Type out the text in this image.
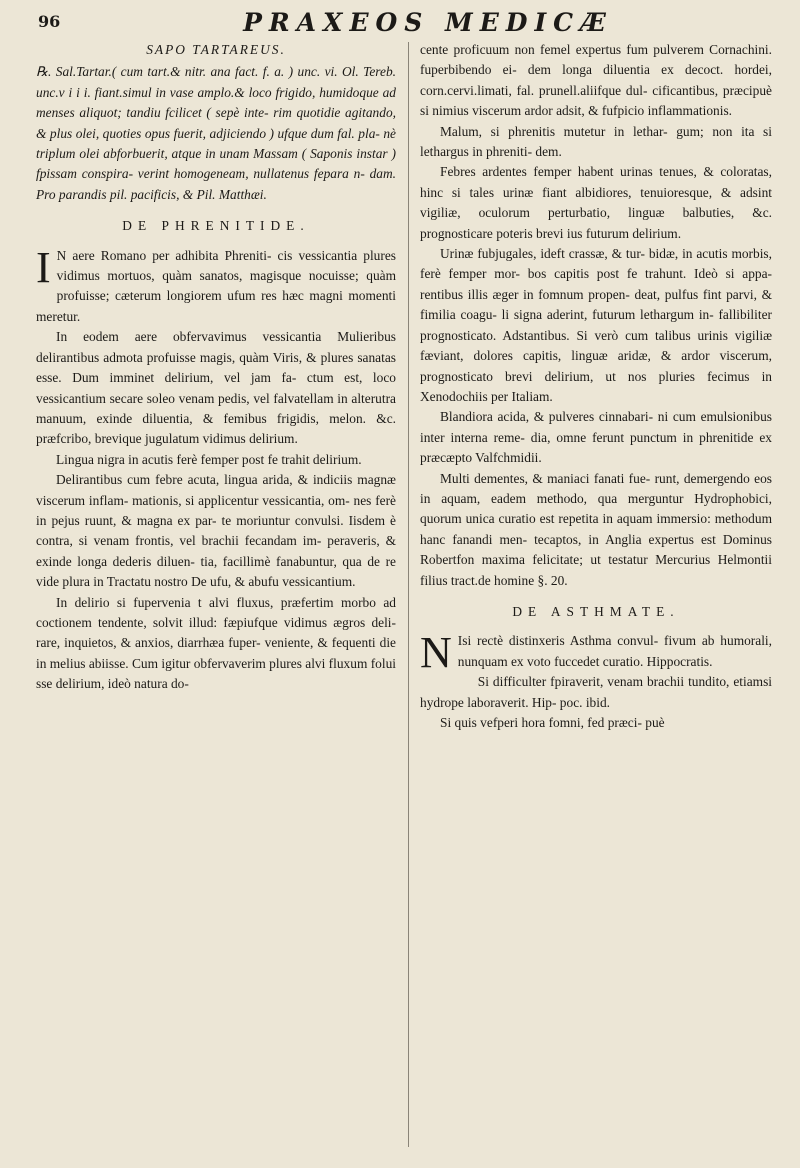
96	PRAXEOS MEDICÆ

SAPO TARTAREUS.

℞. Sal.Tartar.( cum tart.& nitr. ana fact. f. a. ) unc. vi. Ol. Tereb. unc.v i i i. fiant.simul in vase amplo.& loco frigido, humidoque ad menses aliquot; tandiu fcilicet ( sepè inte- rim quotidie agitando, & plus olei, quoties opus fuerit, adjiciendo ) ufque dum fal. pla- nè triplum olei abforbuerit, atque in unam Massam ( Saponis instar ) fpissam conspira- verint homogeneam, nullatenus fepara n- dam. Pro parandis pil. pacificis, & Pil. Matthæi.

DE PHRENITIDE.

I N aere Romano per adhibita Phreniti- cis vessicantia plures vidimus mortuos, quàm sanatos, magisque nocuisse; quàm profuisse; cæterum longiorem ufum res hæc magni momenti meretur.

In eodem aere obfervavimus vessicantia Mulieribus delirantibus admota profuisse magis, quàm Viris, & plures sanatas esse. Dum imminet delirium, vel jam fa- ctum est, loco vessicantium secare soleo venam pedis, vel falvatellam in alterutra manuum, exinde diluentia, & femibus frigidis, melon. &c. præfcribo, brevique jugulatum vidimus delirium.

Lingua nigra in acutis ferè femper post fe trahit delirium.

Delirantibus cum febre acuta, lingua arida, & indiciis magnæ viscerum inflam- mationis, si applicentur vessicantia, om- nes ferè in pejus ruunt, & magna ex par- te moriuntur convulsi. Iisdem è contra, si venam frontis, vel brachii fecandam im- peraveris, & exinde longa dederis diluen- tia, facillimè fanabuntur, qua de re vide plura in Tractatu nostro De ufu, & abufu vessicantium.

In delirio si fupervenia t alvi fluxus, præfertim morbo ad coctionem tendente, solvit illud: fæpiufque vidimus ægros deli- rare, inquietos, & anxios, diarrhæa fuper- veniente, & fequenti die in melius abiisse. Cum igitur obfervaverim plures alvi fluxum folui sse delirium, ideò natura do-

cente proficuum non femel expertus fum pulverem Cornachini. fuperbibendo ei- dem longa diluentia ex decoct. hordei, corn.cervi.limati, fal. prunell.aliifque dul- cificantibus, præcipuè si nimius viscerum ardor adsit, & fufpicio inflammationis.

Malum, si phrenitis mutetur in lethar- gum; non ita si lethargus in phreniti- dem.

Febres ardentes femper habent urinas tenues, & coloratas, hinc si tales urinæ fiant albidiores, tenuioresque, & adsint vigiliæ, oculorum perturbatio, linguæ balbuties, &c. prognosticare poteris brevi ius futurum delirium.

Urinæ fubjugales, ideft crassæ, & tur- bidæ, in acutis morbis, ferè femper mor- bos capitis post fe trahunt. Ideò si appa- rentibus illis æger in fomnum propen- deat, pulfus fint parvi, & fimilia coagu- li signa aderint, futurum lethargum in- fallibiliter prognosticato. Adstantibus. Si verò cum talibus urinis vigiliæ fæviant, dolores capitis, linguæ aridæ, & ardor viscerum, prognosticato brevi delirium, ut nos pluries fecimus in Xenodochiis per Italiam.

Blandiora acida, & pulveres cinnabari- ni cum emulsionibus inter interna reme- dia, omne ferunt punctum in phrenitide ex præcæpto Valfchmidii.

Multi dementes, & maniaci fanati fue- runt, demergendo eos in aquam, eadem methodo, qua merguntur Hydrophobici, quorum unica curatio est repetita in aquam immersio: methodum hanc fanandi men- tecaptos, in Anglia expertus est Dominus Robertfon maxima felicitate; ut testatur Mercurius Helmontii filius tract.de homine §. 20.

DE ASTHMATE.

N Isi rectè distinxeris Asthma convul- fivum ab humorali, nunquam ex voto fuccedet curatio. Hippocratis.

Si difficulter fpiraverit, venam brachii tundito, etiamsi hydrope laboraverit. Hip- poc. ibid.

Si quis vefperi hora fomni, fed præci- puè
